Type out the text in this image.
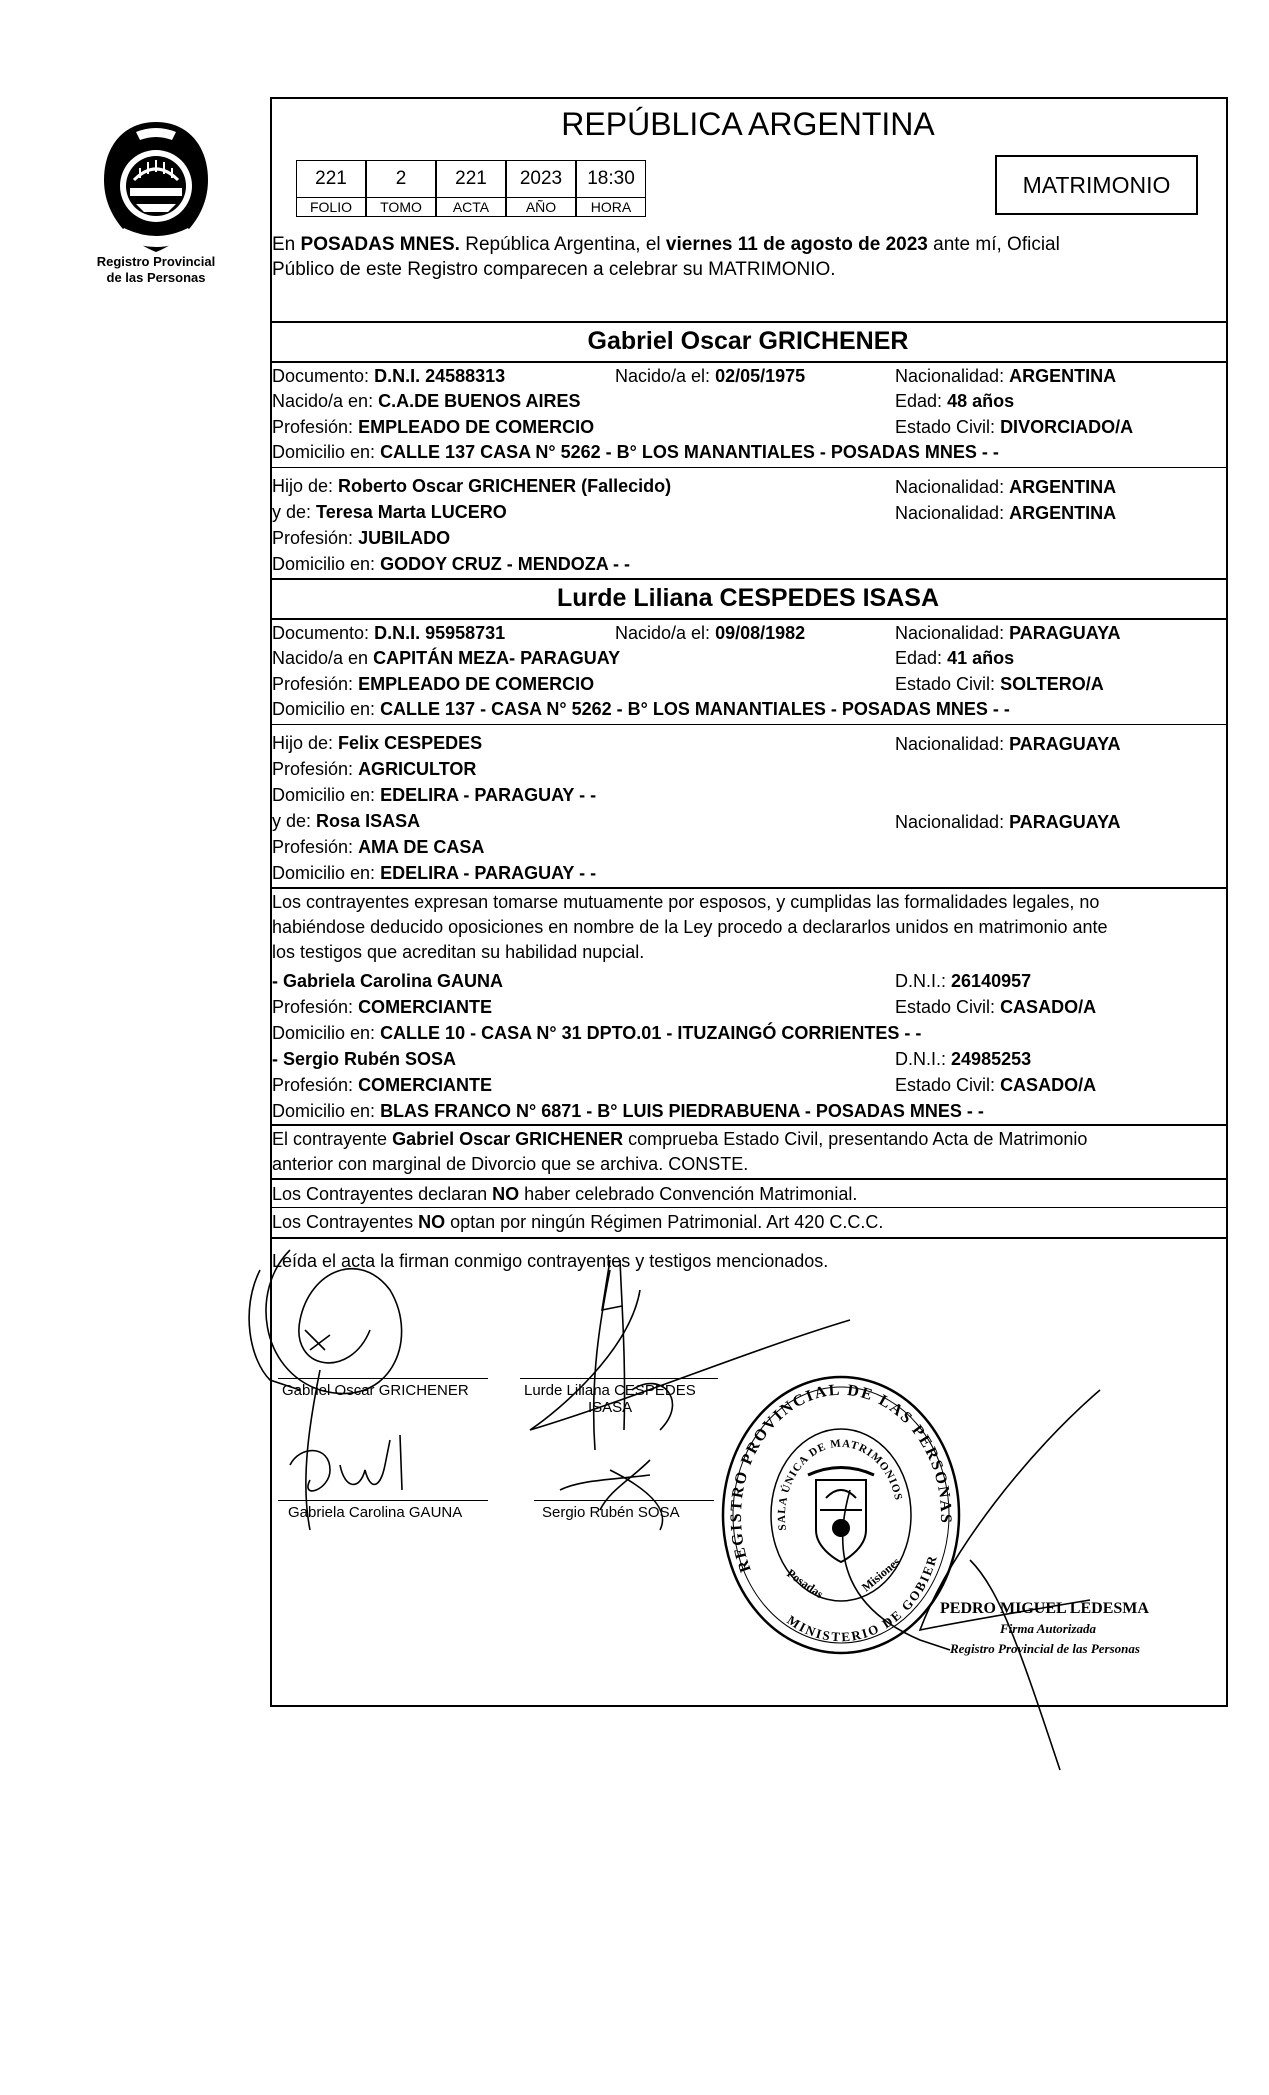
Registro Provincial
de las Personas
REPÚBLICA ARGENTINA
221	2	221	2023	18:30
FOLIO	TOMO	ACTA	AÑO	HORA
MATRIMONIO
En POSADAS MNES. República Argentina, el viernes 11 de agosto de 2023 ante mí, Oficial
Público de este Registro comparecen a celebrar su MATRIMONIO.
Gabriel Oscar GRICHENER
Documento: D.N.I. 24588313	Nacido/a el: 02/05/1975	Nacionalidad: ARGENTINA
Nacido/a en: C.A.DE BUENOS AIRES	Edad: 48 años
Profesión: EMPLEADO DE COMERCIO	Estado Civil: DIVORCIADO/A
Domicilio en: CALLE 137 CASA N° 5262 - B° LOS MANANTIALES - POSADAS MNES - -
Hijo de: Roberto Oscar GRICHENER (Fallecido)	Nacionalidad: ARGENTINA
y de: Teresa Marta LUCERO	Nacionalidad: ARGENTINA
Profesión: JUBILADO
Domicilio en: GODOY CRUZ - MENDOZA - -
Lurde Liliana CESPEDES ISASA
Documento: D.N.I. 95958731	Nacido/a el: 09/08/1982	Nacionalidad: PARAGUAYA
Nacido/a en CAPITÁN MEZA- PARAGUAY	Edad: 41 años
Profesión: EMPLEADO DE COMERCIO	Estado Civil: SOLTERO/A
Domicilio en: CALLE 137 - CASA N° 5262 - B° LOS MANANTIALES - POSADAS MNES - -
Hijo de: Felix CESPEDES	Nacionalidad: PARAGUAYA
Profesión: AGRICULTOR
Domicilio en: EDELIRA - PARAGUAY - -
y de: Rosa ISASA	Nacionalidad: PARAGUAYA
Profesión: AMA DE CASA
Domicilio en: EDELIRA - PARAGUAY - -
Los contrayentes expresan tomarse mutuamente por esposos, y cumplidas las formalidades legales, no
habiéndose deducido oposiciones en nombre de la Ley procedo a declararlos unidos en matrimonio ante
los testigos que acreditan su habilidad nupcial.
- Gabriela Carolina GAUNA	D.N.I.: 26140957
Profesión: COMERCIANTE	Estado Civil: CASADO/A
Domicilio en: CALLE 10 - CASA N° 31 DPTO.01 - ITUZAINGÓ CORRIENTES - -
- Sergio Rubén SOSA	D.N.I.: 24985253
Profesión: COMERCIANTE	Estado Civil: CASADO/A
Domicilio en: BLAS FRANCO N° 6871 - B° LUIS PIEDRABUENA - POSADAS MNES - -
El contrayente Gabriel Oscar GRICHENER comprueba Estado Civil, presentando Acta de Matrimonio
anterior con marginal de Divorcio que se archiva. CONSTE.
Los Contrayentes declaran NO haber celebrado Convención Matrimonial.
Los Contrayentes NO optan por ningún Régimen Patrimonial. Art 420 C.C.C.
Leída el acta la firman conmigo contrayentes y testigos mencionados.
Gabriel Oscar GRICHENER	Lurde Liliana CESPEDES
ISASA
Gabriela Carolina GAUNA	Sergio Rubén SOSA
REGISTRO PROVINCIAL DE LAS PERSONAS
SALA ÚNICA DE MATRIMONIOS
MINISTERIO DE GOBIER
Posadas	Misiones
PEDRO MIGUEL LEDESMA
Firma Autorizada
Registro Provincial de las Personas
